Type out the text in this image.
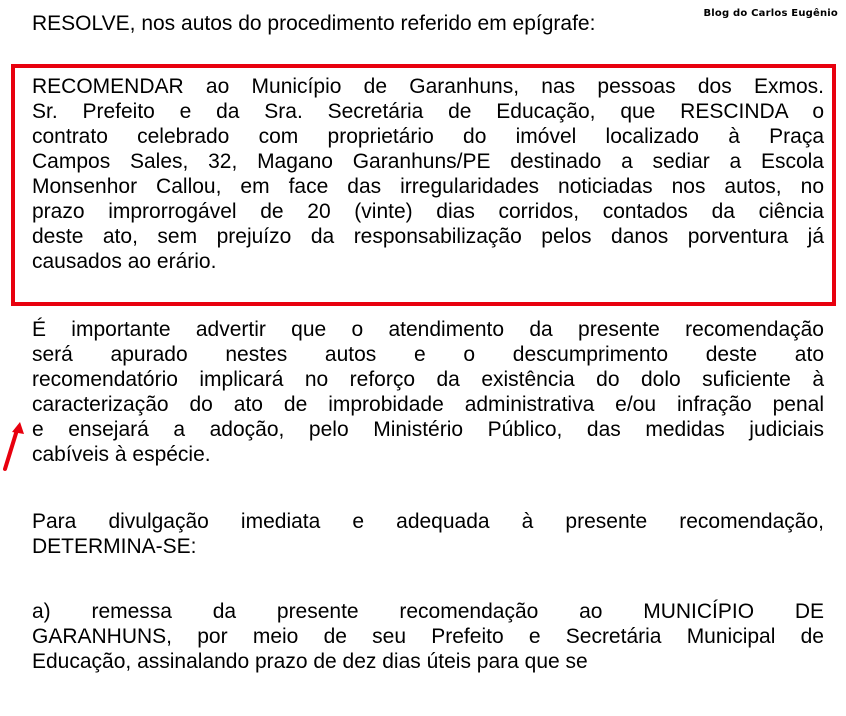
Blog do Carlos Eugênio
RESOLVE, nos autos do procedimento referido em epígrafe:
RECOMENDAR ao Município de Garanhuns, nas pessoas dos Exmos.
Sr. Prefeito e da Sra. Secretária de Educação, que RESCINDA o
contrato celebrado com proprietário do imóvel localizado à Praça
Campos Sales, 32, Magano Garanhuns/PE destinado a sediar a Escola
Monsenhor Callou, em face das irregularidades noticiadas nos autos, no
prazo improrrogável de 20 (vinte) dias corridos, contados da ciência
deste ato, sem prejuízo da responsabilização pelos danos porventura já
causados ao erário.
É importante advertir que o atendimento da presente recomendação
será apurado nestes autos e o descumprimento deste ato
recomendatório implicará no reforço da existência do dolo suficiente à
caracterização do ato de improbidade administrativa e/ou infração penal
e ensejará a adoção, pelo Ministério Público, das medidas judiciais
cabíveis à espécie.
Para divulgação imediata e adequada à presente recomendação,
DETERMINA-SE:
a) remessa da presente recomendação ao MUNICÍPIO DE
GARANHUNS, por meio de seu Prefeito e Secretária Municipal de
Educação, assinalando prazo de dez dias úteis para que se
